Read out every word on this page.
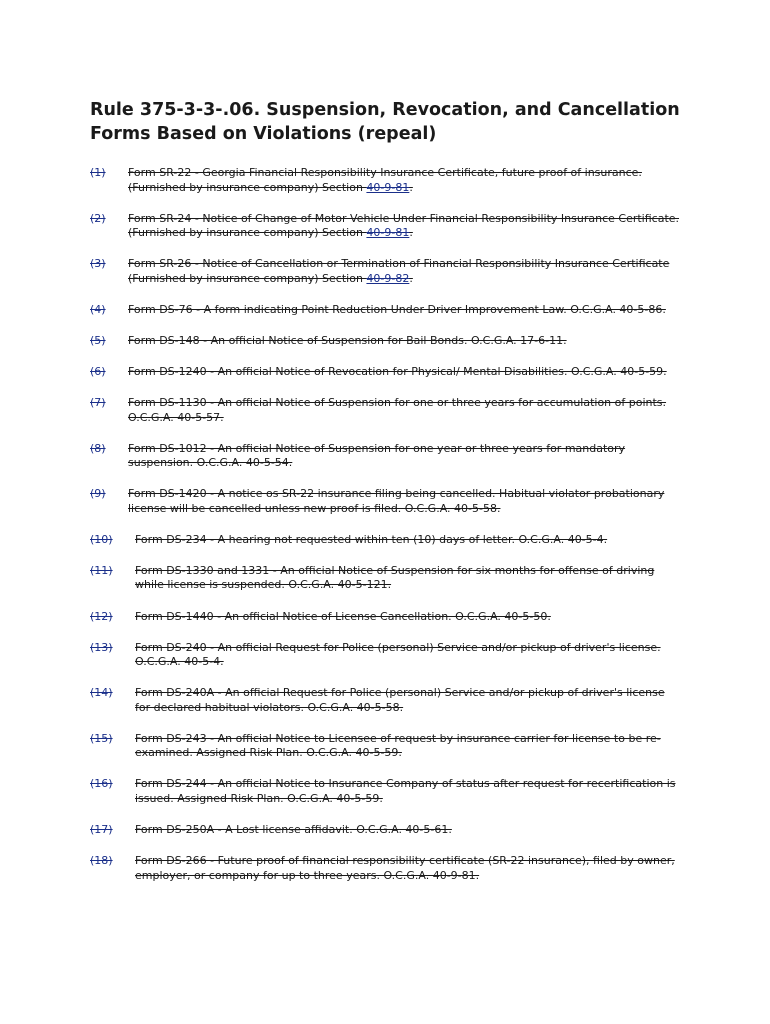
Rule 375-3-3-.06. Suspension, Revocation, and Cancellation
Forms Based on Violations (repeal)
(1)	Form SR-22 - Georgia Financial Responsibility Insurance Certificate, future proof of insurance. (Furnished by insurance company) Section 40-9-81.
(2)	Form SR-24 - Notice of Change of Motor Vehicle Under Financial Responsibility Insurance Certificate. (Furnished by insurance company) Section 40-9-81.
(3)	Form SR-26 - Notice of Cancellation or Termination of Financial Responsibility Insurance Certificate (Furnished by insurance company) Section 40-9-82.
(4)	Form DS-76 - A form indicating Point Reduction Under Driver Improvement Law. O.C.G.A. 40-5-86.
(5)	Form DS-148 - An official Notice of Suspension for Bail Bonds. O.C.G.A. 17-6-11.
(6)	Form DS-1240 - An official Notice of Revocation for Physical/ Mental Disabilities. O.C.G.A. 40-5-59.
(7)	Form DS-1130 - An official Notice of Suspension for one or three years for accumulation of points. O.C.G.A. 40-5-57.
(8)	Form DS-1012 - An official Notice of Suspension for one year or three years for mandatory suspension. O.C.G.A. 40-5-54.
(9)	Form DS-1420 - A notice os SR-22 insurance filing being cancelled. Habitual violator probationary license will be cancelled unless new proof is filed. O.C.G.A. 40-5-58.
(10)	Form DS-234 - A hearing not requested within ten (10) days of letter. O.C.G.A. 40-5-4.
(11)	Form DS-1330 and 1331 - An official Notice of Suspension for six months for offense of driving while license is suspended. O.C.G.A. 40-5-121.
(12)	Form DS-1440 - An official Notice of License Cancellation. O.C.G.A. 40-5-50.
(13)	Form DS-240 - An official Request for Police (personal) Service and/or pickup of driver's license. O.C.G.A. 40-5-4.
(14)	Form DS-240A - An official Request for Police (personal) Service and/or pickup of driver's license for declared habitual violators. O.C.G.A. 40-5-58.
(15)	Form DS-243 - An official Notice to Licensee of request by insurance carrier for license to be re-examined. Assigned Risk Plan. O.C.G.A. 40-5-59.
(16)	Form DS-244 - An official Notice to Insurance Company of status after request for recertification is issued. Assigned Risk Plan. O.C.G.A. 40-5-59.
(17)	Form DS-250A - A Lost license affidavit. O.C.G.A. 40-5-61.
(18)	Form DS-266 - Future proof of financial responsibility certificate (SR-22 insurance), filed by owner, employer, or company for up to three years. O.C.G.A. 40-9-81.
